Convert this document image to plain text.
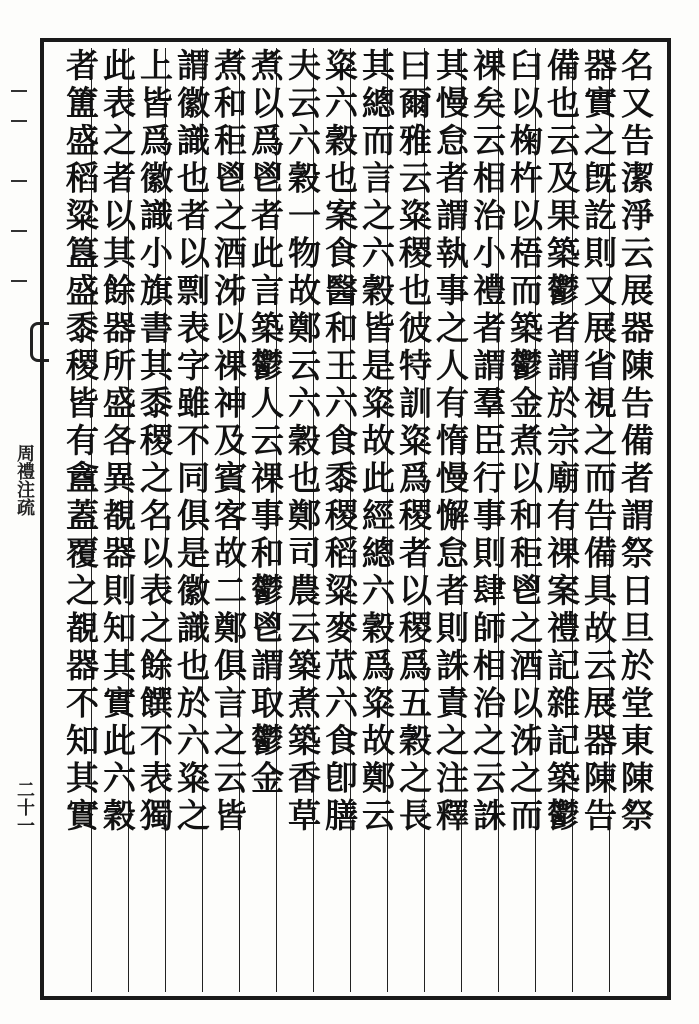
周禮注疏
二十一	名又告潔淨云展器陳告備者謂祭日旦於堂東陳祭
器實之旣訖則又展省視之而告備具故云展器陳告
備也云及果築鬱者謂於宗廟有祼案禮記雜記築鬱
臼以椈杵以梧而築鬱金煮以和秬鬯之酒以泲之而
祼矣云相治小禮者謂羣臣行事則肆師相治之云誅
其慢怠者謂執事之人有惰慢懈怠者則誅責之注釋
曰爾雅云粢稷也彼特訓粢爲稷者以稷爲五穀之長
其總而言之六穀皆是粢故此經總六穀爲粢故鄭云
粢六穀也案食醫和王六食黍稷稻粱麥苽六食卽膳
夫云六穀一物故鄭云六穀也鄭司農云築煮築香草
煮以爲鬯者此言築鬱人云祼事和鬱鬯謂取鬱金
煮和秬鬯之酒泲以祼神及賓客故二鄭俱言之云皆
謂徽識也者以剽表字雖不同俱是徽識也於六粢之
上皆爲徽識小旗書其黍稷之名以表之餘饌不表獨
此表之者以其餘器所盛各異覩器則知其實此六穀
者簠盛稻粱簋盛黍稷皆有盦蓋覆之覩器不知其實
